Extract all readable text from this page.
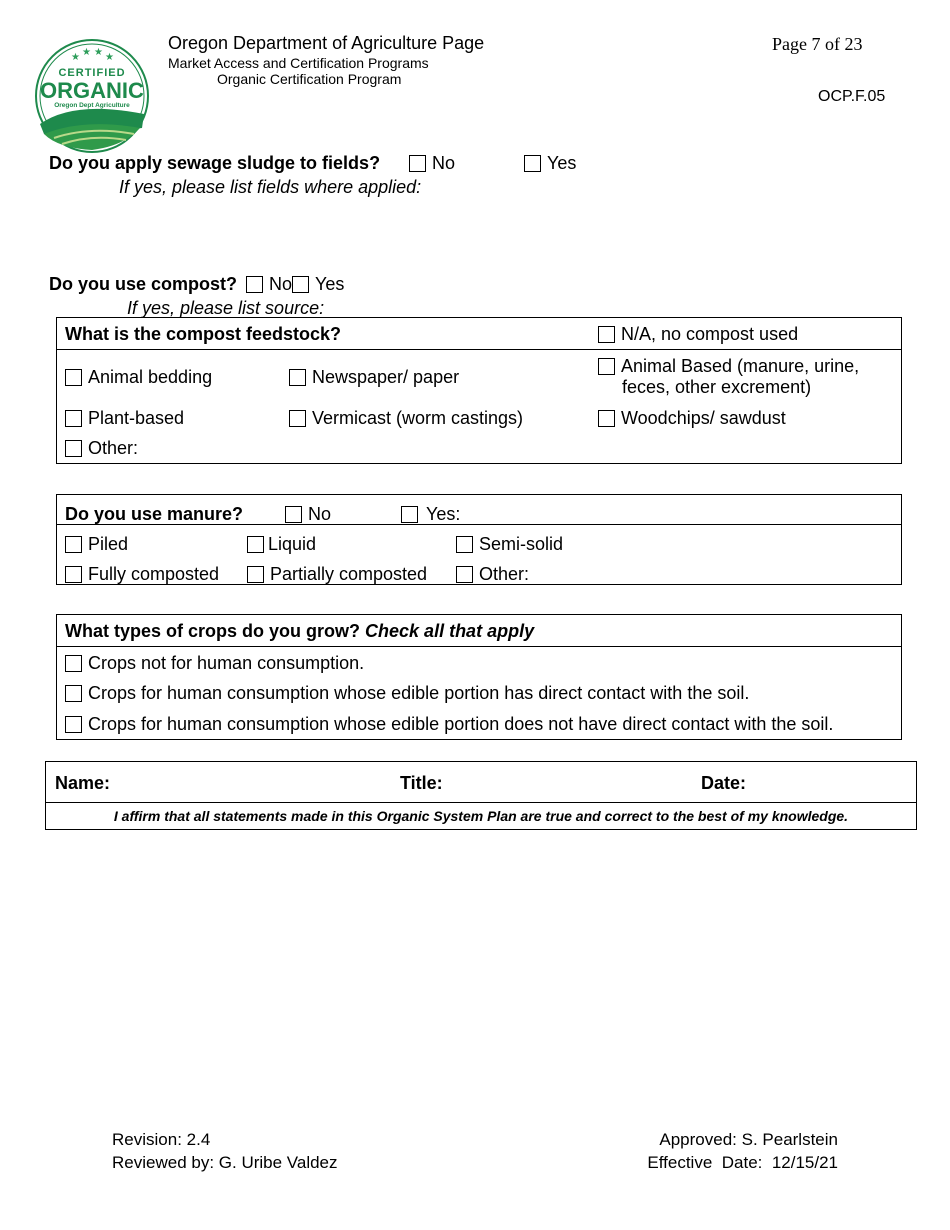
★ ★ ★ ★
CERTIFIED
ORGANIC
Oregon Dept Agriculture
Oregon Department of Agriculture Page
Market Access and Certification Programs
Organic Certification Program
Page 7 of 23
OCP.F.05
Do you apply sewage sludge to fields?	No	Yes
If yes, please list fields where applied:
Do you use compost? No Yes
If yes, please list source:
What is the compost feedstock?	N/A, no compost used
Animal bedding	Newspaper/ paper
Animal Based (manure, urine,
feces, other excrement)
Plant-based	Vermicast (worm castings)	Woodchips/ sawdust
Other:
Do you use manure?	No	Yes:
Piled	Liquid	Semi-solid
Fully composted	Partially composted	Other:
What types of crops do you grow? Check all that apply
Crops not for human consumption.
Crops for human consumption whose edible portion has direct contact with the soil.
Crops for human consumption whose edible portion does not have direct contact with the soil.
Name:	Title:	Date:
I affirm that all statements made in this Organic System Plan are true and correct to the best of my knowledge.
Revision: 2.4
Reviewed by: G. Uribe Valdez
Approved: S. Pearlstein
Effective  Date:  12/15/21
